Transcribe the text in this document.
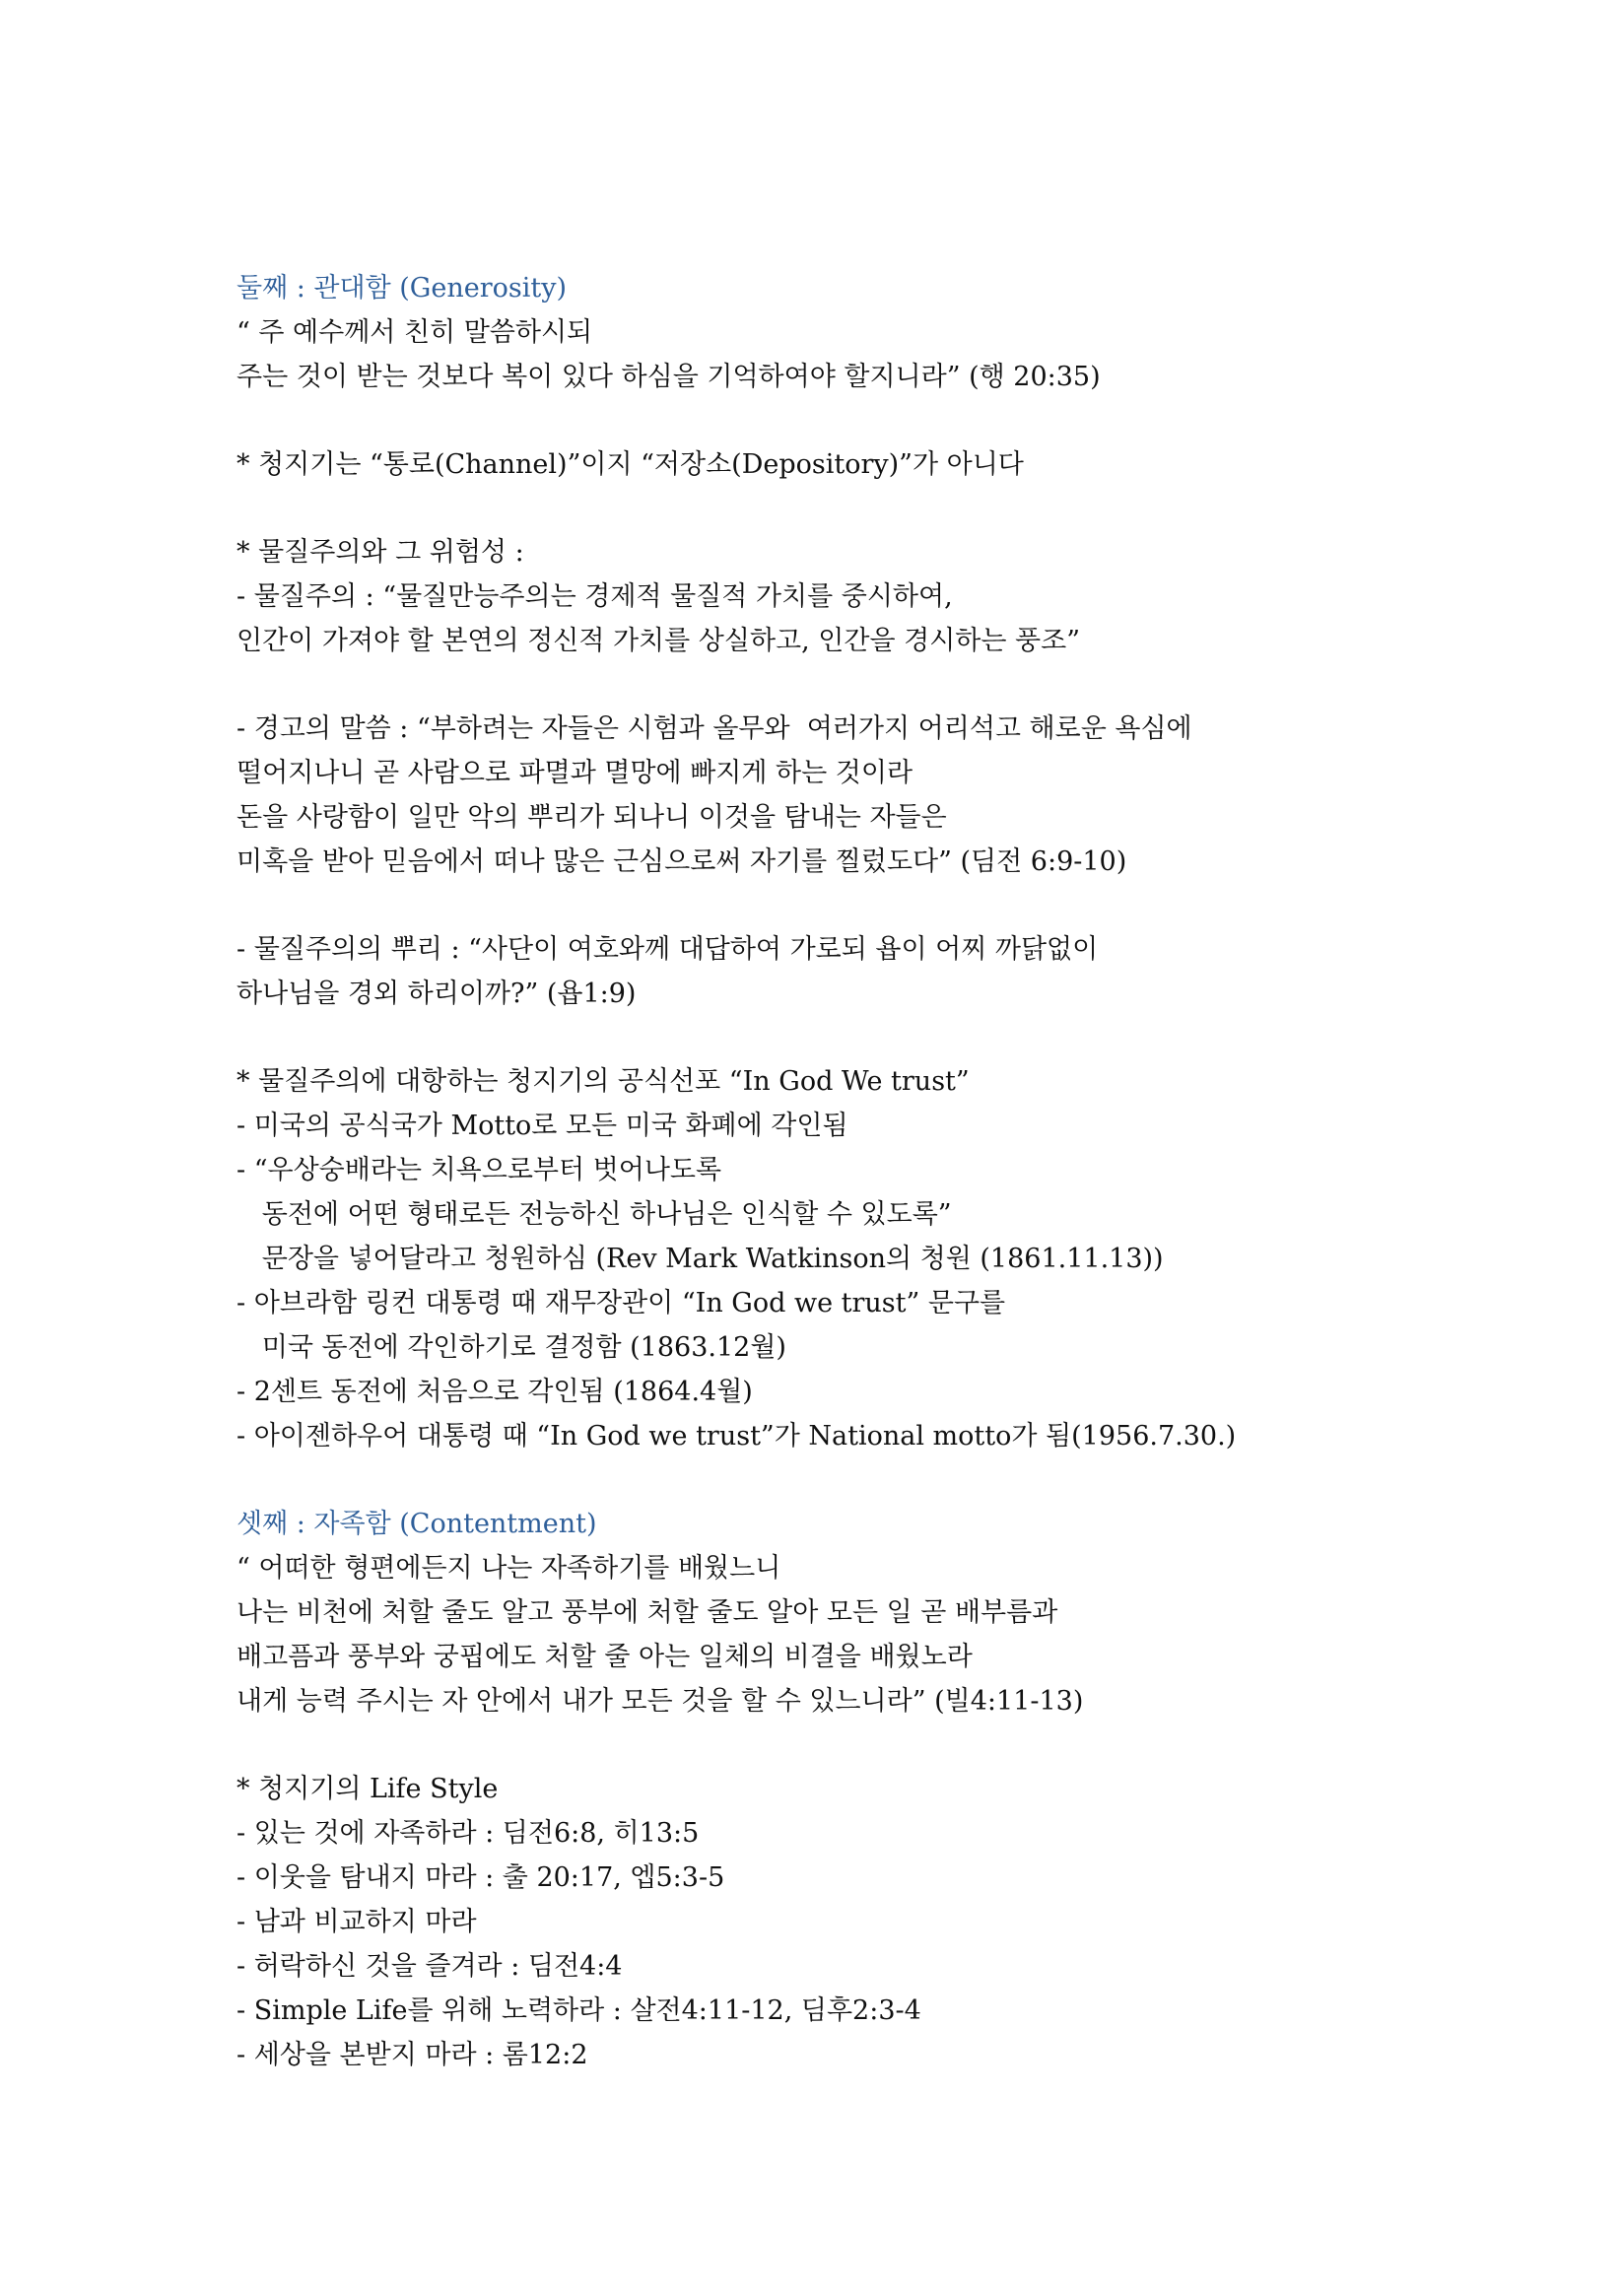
둘째 : 관대함 (Generosity)
“ 주 예수께서 친히 말씀하시되
주는 것이 받는 것보다 복이 있다 하심을 기억하여야 할지니라” (행 20:35)
* 청지기는 “통로(Channel)”이지 “저장소(Depository)”가 아니다
* 물질주의와 그 위험성 :
- 물질주의 : “물질만능주의는 경제적 물질적 가치를 중시하여,
인간이 가져야 할 본연의 정신적 가치를 상실하고, 인간을 경시하는 풍조”
- 경고의 말씀 : “부하려는 자들은 시험과 올무와  여러가지 어리석고 해로운 욕심에
떨어지나니 곧 사람으로 파멸과 멸망에 빠지게 하는 것이라
돈을 사랑함이 일만 악의 뿌리가 되나니 이것을 탐내는 자들은
미혹을 받아 믿음에서 떠나 많은 근심으로써 자기를 찔렀도다” (딤전 6:9-10)
- 물질주의의 뿌리 : “사단이 여호와께 대답하여 가로되 욥이 어찌 까닭없이
하나님을 경외 하리이까?” (욥1:9)
* 물질주의에 대항하는 청지기의 공식선포 “In God We trust”
- 미국의 공식국가 Motto로 모든 미국 화폐에 각인됨
- “우상숭배라는 치욕으로부터 벗어나도록
동전에 어떤 형태로든 전능하신 하나님은 인식할 수 있도록”
문장을 넣어달라고 청원하심 (Rev Mark Watkinson의 청원 (1861.11.13))
- 아브라함 링컨 대통령 때 재무장관이 “In God we trust” 문구를
미국 동전에 각인하기로 결정함 (1863.12월)
- 2센트 동전에 처음으로 각인됨 (1864.4월)
- 아이젠하우어 대통령 때 “In God we trust”가 National motto가 됨(1956.7.30.)
셋째 : 자족함 (Contentment)
“ 어떠한 형편에든지 나는 자족하기를 배웠느니
나는 비천에 처할 줄도 알고 풍부에 처할 줄도 알아 모든 일 곧 배부름과
배고픔과 풍부와 궁핍에도 처할 줄 아는 일체의 비결을 배웠노라
내게 능력 주시는 자 안에서 내가 모든 것을 할 수 있느니라” (빌4:11-13)
* 청지기의 Life Style
- 있는 것에 자족하라 : 딤전6:8, 히13:5
- 이웃을 탐내지 마라 : 출 20:17, 엡5:3-5
- 남과 비교하지 마라
- 허락하신 것을 즐겨라 : 딤전4:4
- Simple Life를 위해 노력하라 : 살전4:11-12, 딤후2:3-4
- 세상을 본받지 마라 : 롬12:2
